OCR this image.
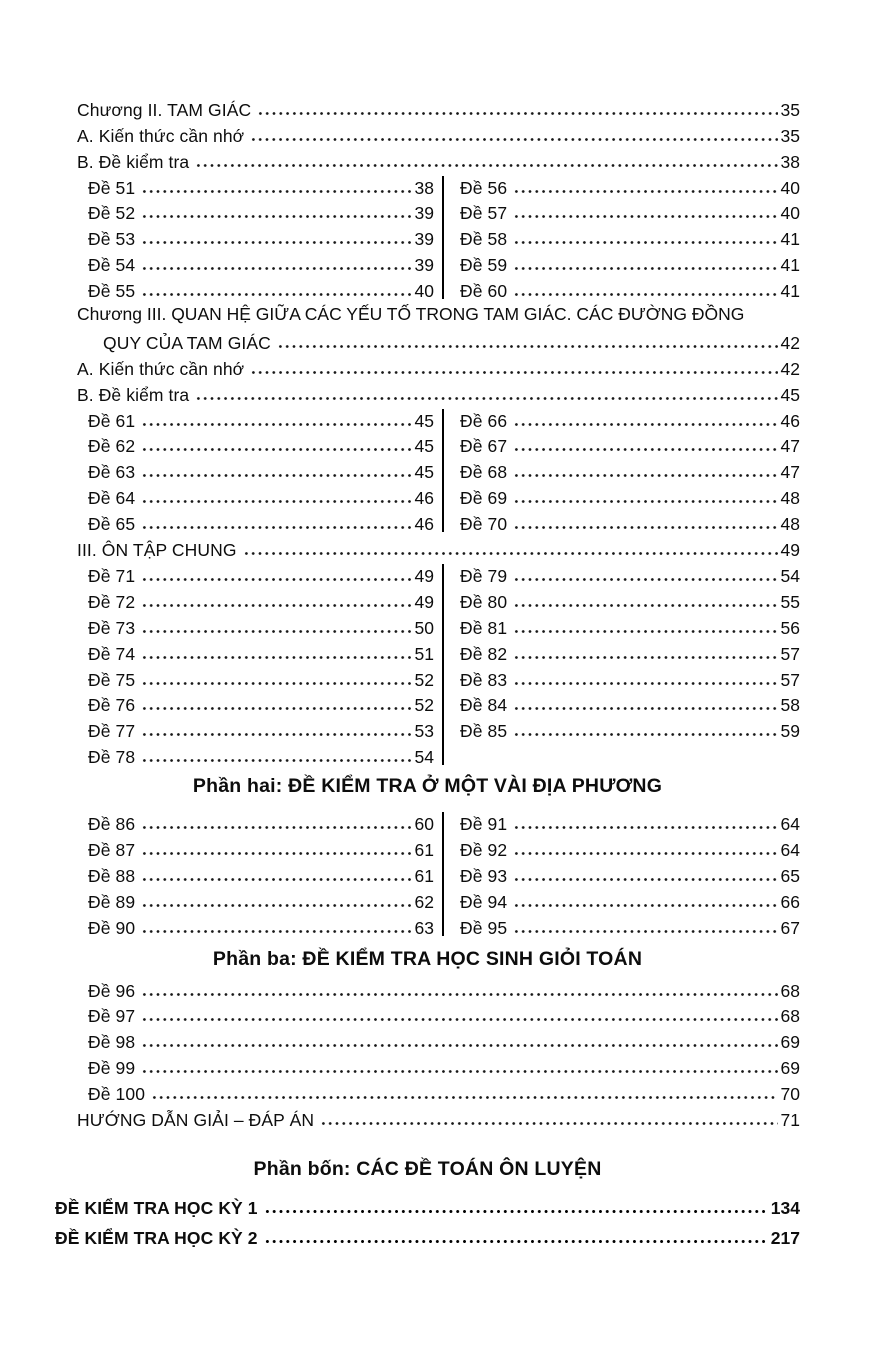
Chương II. TAM GIÁC	35
A. Kiến thức cần nhớ	35
B. Đề kiểm tra	38
Đề 51	38
Đề 52	39
Đề 53	39
Đề 54	39
Đề 55	40
Đề 56	40
Đề 57	40
Đề 58	41
Đề 59	41
Đề 60	41
Chương III. QUAN HỆ GIỮA CÁC YẾU TỐ TRONG TAM GIÁC. CÁC ĐƯỜNG ĐỒNG
QUY CỦA TAM GIÁC	42
A. Kiến thức cần nhớ	42
B. Đề kiểm tra	45
Đề 61	45
Đề 62	45
Đề 63	45
Đề 64	46
Đề 65	46
Đề 66	46
Đề 67	47
Đề 68	47
Đề 69	48
Đề 70	48
III. ÔN TẬP CHUNG	49
Đề 71	49
Đề 72	49
Đề 73	50
Đề 74	51
Đề 75	52
Đề 76	52
Đề 77	53
Đề 78	54
Đề 79	54
Đề 80	55
Đề 81	56
Đề 82	57
Đề 83	57
Đề 84	58
Đề 85	59
Phần hai: ĐỀ KIỂM TRA Ở MỘT VÀI ĐỊA PHƯƠNG
Đề 86	60
Đề 87	61
Đề 88	61
Đề 89	62
Đề 90	63
Đề 91	64
Đề 92	64
Đề 93	65
Đề 94	66
Đề 95	67
Phần ba: ĐỀ KIỂM TRA HỌC SINH GIỎI TOÁN
Đề 96	68
Đề 97	68
Đề 98	69
Đề 99	69
Đề 100	70
HƯỚNG DẪN GIẢI – ĐÁP ÁN	71
Phần bốn: CÁC ĐỀ TOÁN ÔN LUYỆN
ĐỀ KIỂM TRA HỌC KỲ 1	134
ĐỀ KIỂM TRA HỌC KỲ 2	217
